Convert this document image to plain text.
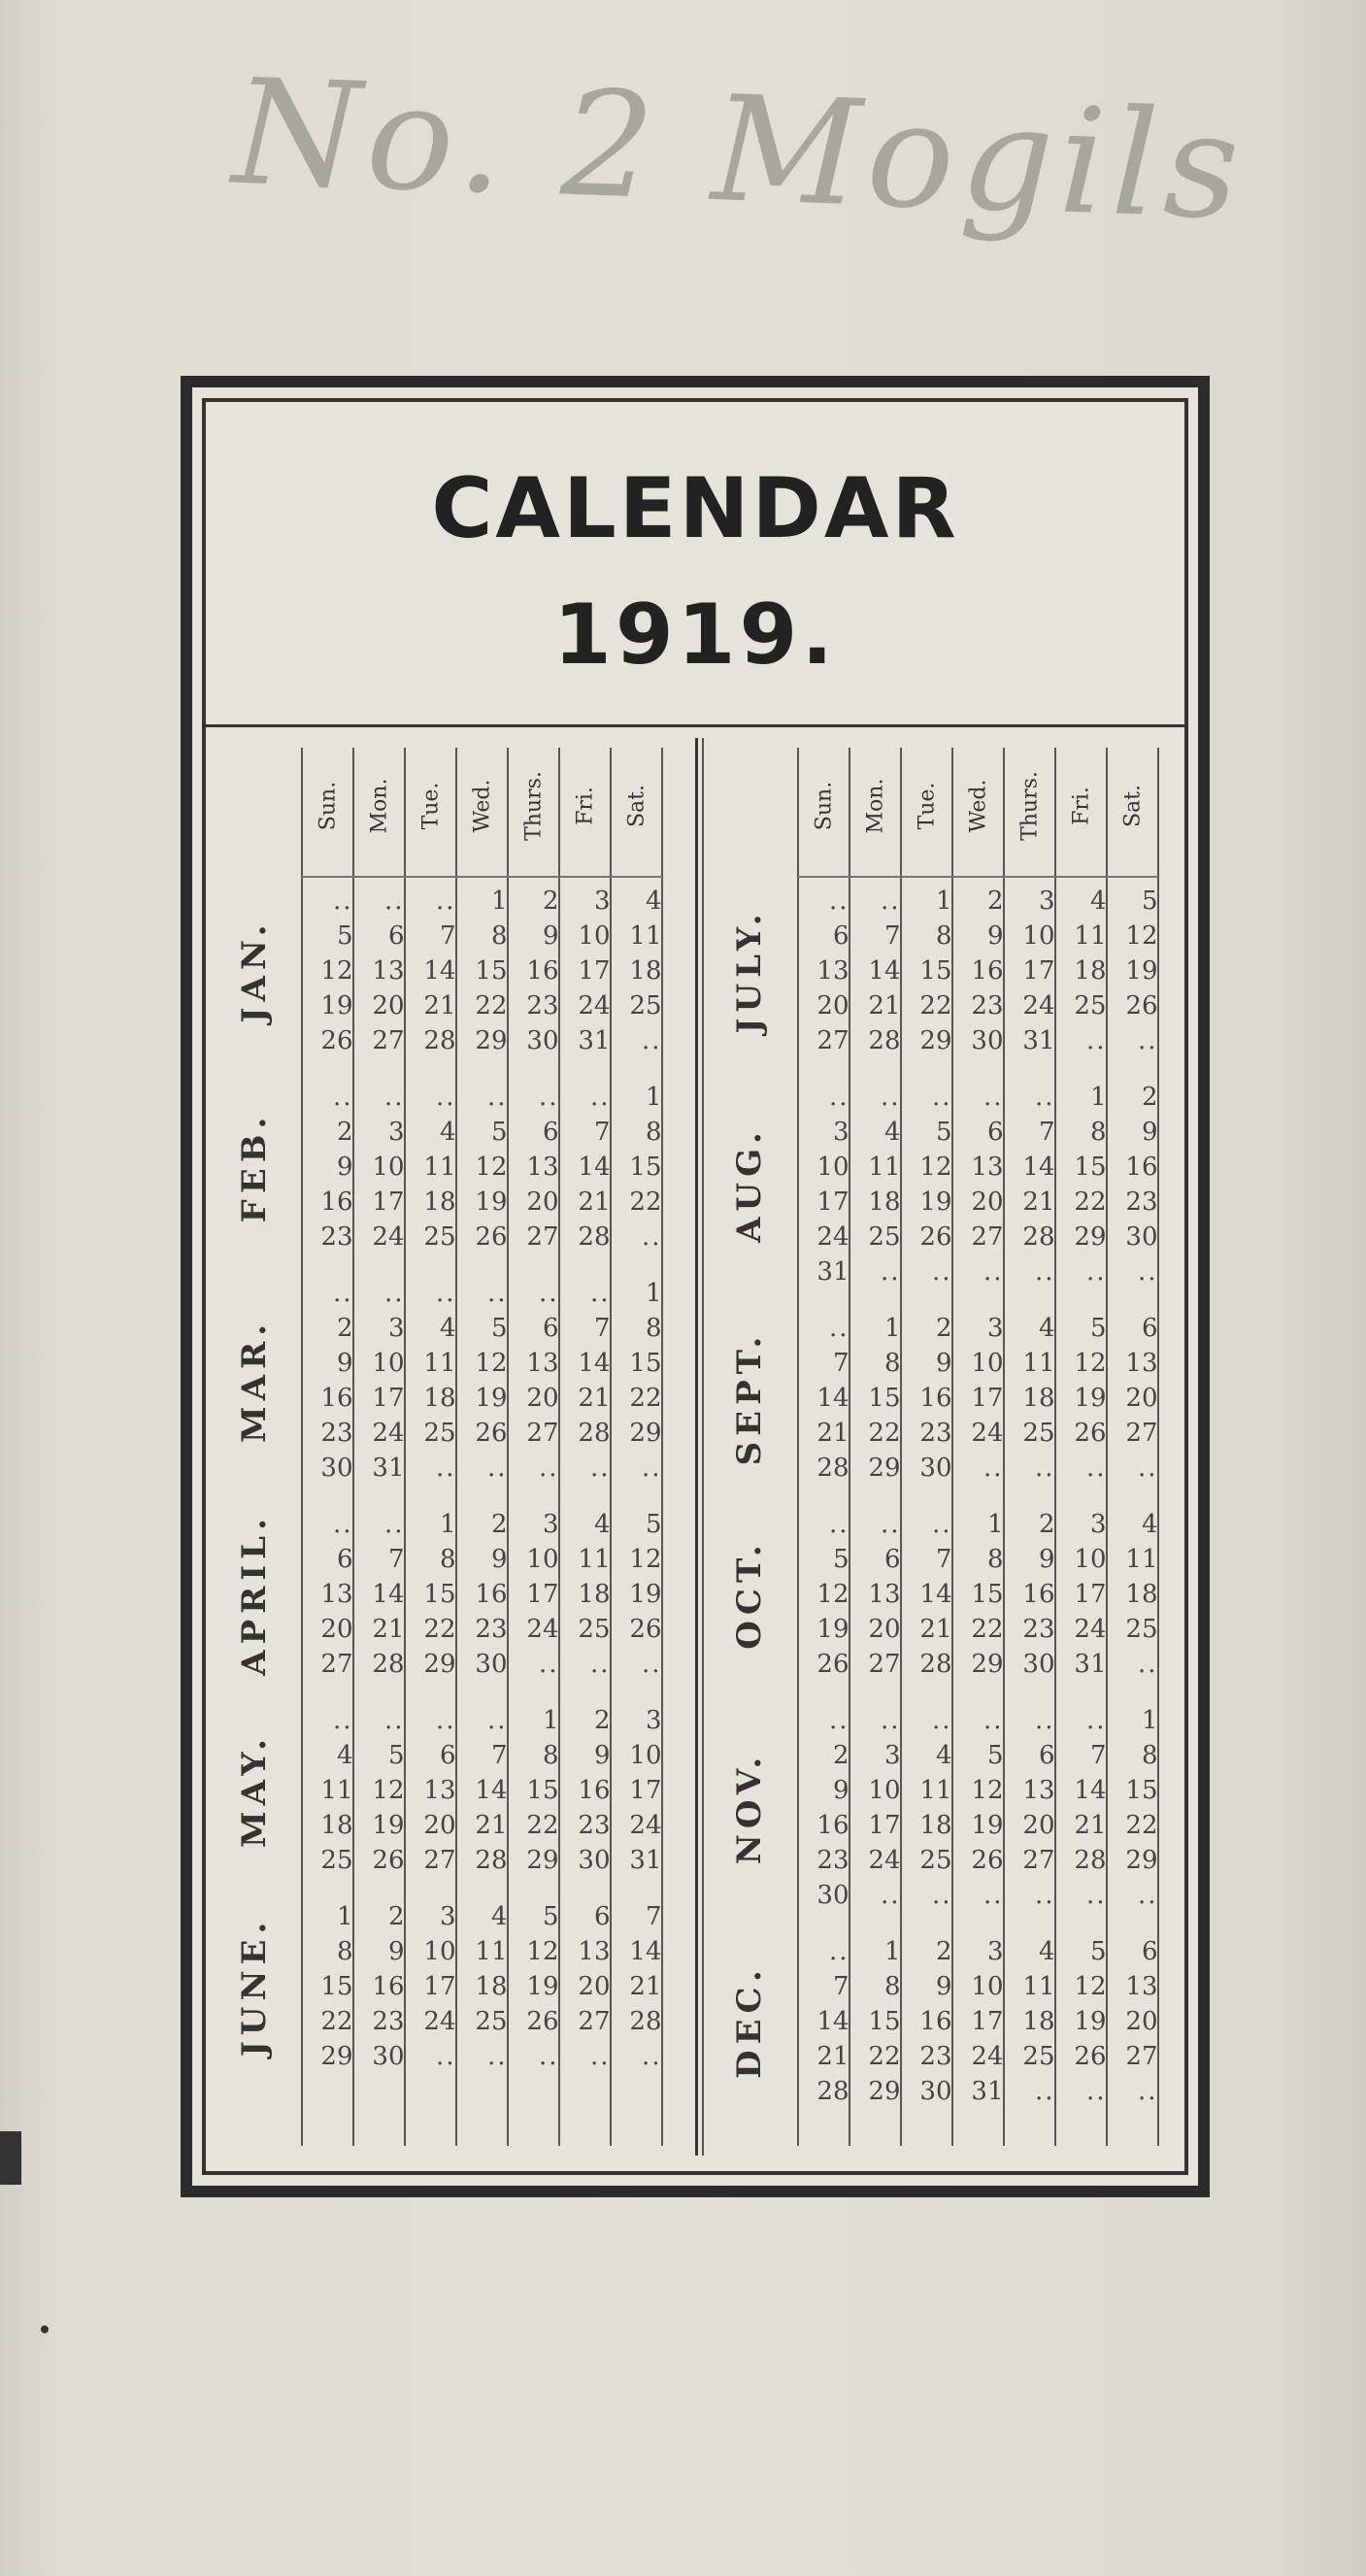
No. 2 Mogils
CALENDAR
1919.
Sun. Mon. Tue. Wed. Thurs. Fri. Sat.
..	..	..	1	2	3	4
5	6	7	8	9 10 11
12 13 14 15 16 17 18
19 20 21 22 23 24 25
26 27 28 29 30 31	..
JAN.
..	..	..	..	..	..	1
2	3	4	5	6	7	8
9 10 11 12 13 14 15
16 17 18 19 20 21 22
23 24 25 26 27 28	..
FEB.
..	..	..	..	..	..	1
2	3	4	5	6	7	8
9 10 11 12 13 14 15
16 17 18 19 20 21 22
23 24 25 26 27 28 29
30 31	..	..	..	..	..
MAR.
..	..	1	2	3	4	5
6	7	8	9 10 11 12
13 14 15 16 17 18 19
20 21 22 23 24 25 26
27 28 29 30	..	..	..
APRIL.
..	..	..	..	1	2	3
4	5	6	7	8	9 10
11 12 13 14 15 16 17
18 19 20 21 22 23 24
25 26 27 28 29 30 31
MAY.
1	2	3	4	5	6	7
8	9 10 11 12 13 14
15 16 17 18 19 20 21
22 23 24 25 26 27 28
29 30	..	..	..	..	..
JUNE.
Sun. Mon. Tue. Wed. Thurs. Fri. Sat.
..	..	1	2	3	4	5
6	7	8	9 10 11 12
13 14 15 16 17 18 19
20 21 22 23 24 25 26
27 28 29 30 31	..	..
JULY.
..	..	..	..	..	1	2
3	4	5	6	7	8	9
10 11 12 13 14 15 16
17 18 19 20 21 22 23
24 25 26 27 28 29 30
31	..	..	..	..	..	..
AUG.
..	1	2	3	4	5	6
7	8	9 10 11 12 13
14 15 16 17 18 19 20
21 22 23 24 25 26 27
28 29 30	..	..	..	..
SEPT.
..	..	..	1	2	3	4
5	6	7	8	9 10 11
12 13 14 15 16 17 18
19 20 21 22 23 24 25
26 27 28 29 30 31	..
OCT.
..	..	..	..	..	..	1
2	3	4	5	6	7	8
9 10 11 12 13 14 15
16 17 18 19 20 21 22
23 24 25 26 27 28 29
30	..	..	..	..	..	..
NOV.
..	1	2	3	4	5	6
7	8	9 10 11 12 13
14 15 16 17 18 19 20
21 22 23 24 25 26 27
28 29 30 31	..	..	..
DEC.
